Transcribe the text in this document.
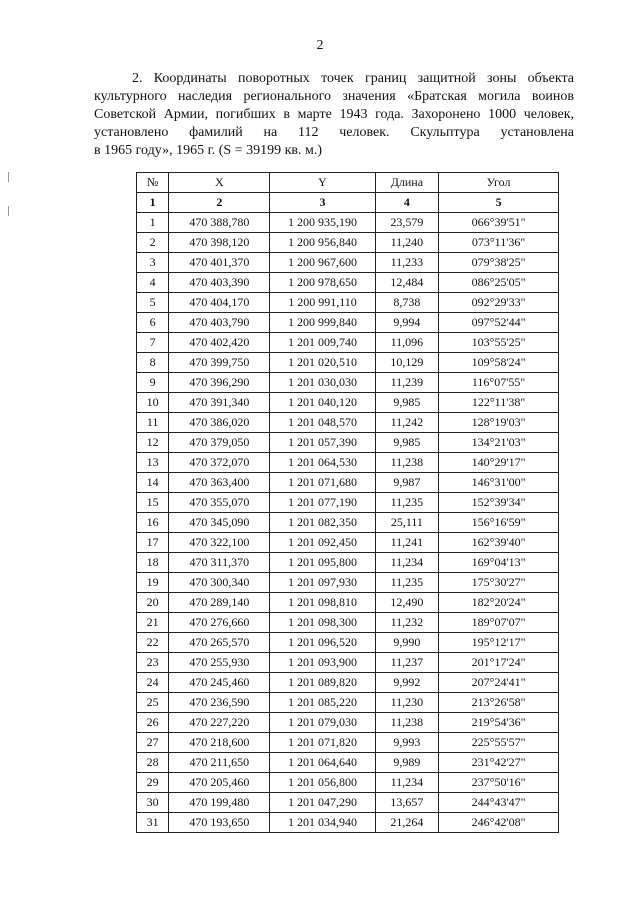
2
2. Координаты поворотных точек границ защитной зоны объекта
культурного наследия регионального значения «Братская могила воинов
Советской Армии, погибших в марте 1943 года. Захоронено 1000 человек,
установлено фамилий на 112 человек. Скульптура установлена
в 1965 году», 1965 г. (S = 39199 кв. м.)
№	X	Y	Длина	Угол
1	2	3	4	5
1	470 388,780	1 200 935,190	23,579	066°39'51"
2	470 398,120	1 200 956,840	11,240	073°11'36"
3	470 401,370	1 200 967,600	11,233	079°38'25"
4	470 403,390	1 200 978,650	12,484	086°25'05"
5	470 404,170	1 200 991,110	8,738	092°29'33"
6	470 403,790	1 200 999,840	9,994	097°52'44"
7	470 402,420	1 201 009,740	11,096	103°55'25"
8	470 399,750	1 201 020,510	10,129	109°58'24"
9	470 396,290	1 201 030,030	11,239	116°07'55"
10	470 391,340	1 201 040,120	9,985	122°11'38"
11	470 386,020	1 201 048,570	11,242	128°19'03"
12	470 379,050	1 201 057,390	9,985	134°21'03"
13	470 372,070	1 201 064,530	11,238	140°29'17"
14	470 363,400	1 201 071,680	9,987	146°31'00"
15	470 355,070	1 201 077,190	11,235	152°39'34"
16	470 345,090	1 201 082,350	25,111	156°16'59"
17	470 322,100	1 201 092,450	11,241	162°39'40"
18	470 311,370	1 201 095,800	11,234	169°04'13"
19	470 300,340	1 201 097,930	11,235	175°30'27"
20	470 289,140	1 201 098,810	12,490	182°20'24"
21	470 276,660	1 201 098,300	11,232	189°07'07"
22	470 265,570	1 201 096,520	9,990	195°12'17"
23	470 255,930	1 201 093,900	11,237	201°17'24"
24	470 245,460	1 201 089,820	9,992	207°24'41"
25	470 236,590	1 201 085,220	11,230	213°26'58"
26	470 227,220	1 201 079,030	11,238	219°54'36"
27	470 218,600	1 201 071,820	9,993	225°55'57"
28	470 211,650	1 201 064,640	9,989	231°42'27"
29	470 205,460	1 201 056,800	11,234	237°50'16"
30	470 199,480	1 201 047,290	13,657	244°43'47"
31	470 193,650	1 201 034,940	21,264	246°42'08"
